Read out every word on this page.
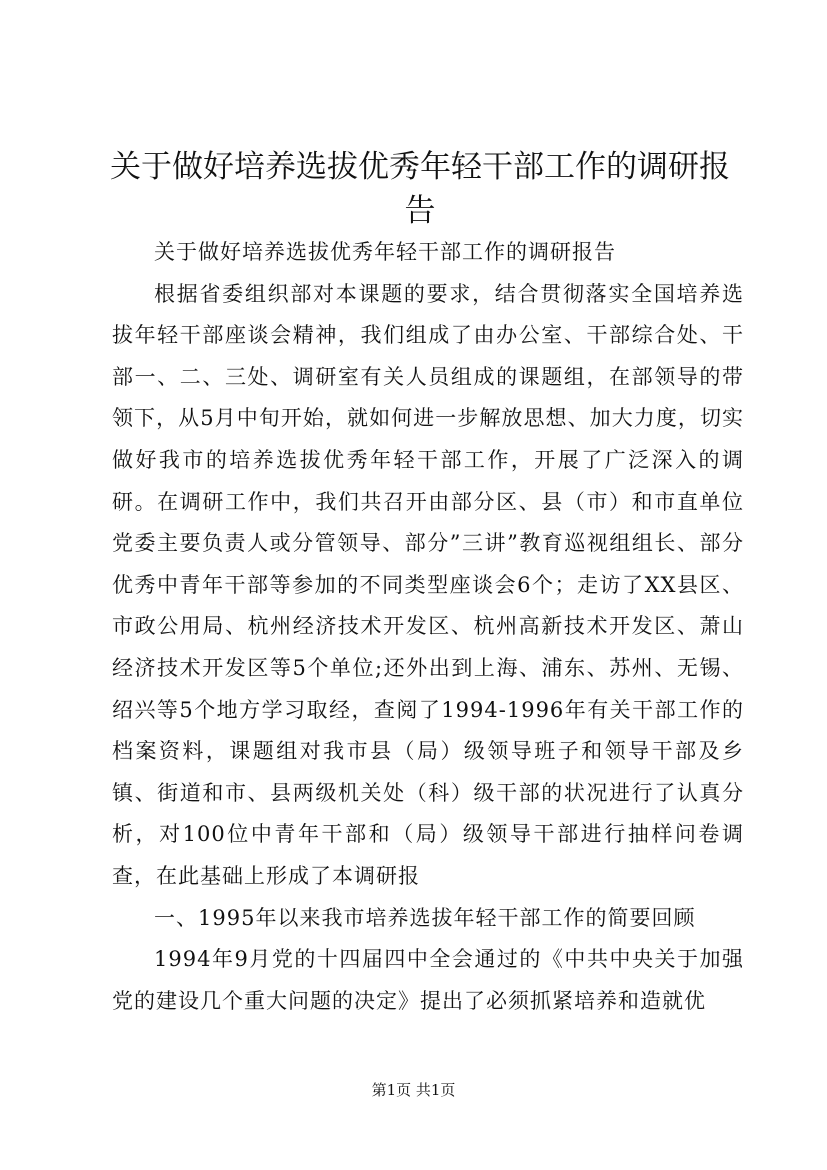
关于做好培养选拔优秀年轻干部工作的调研报告

关于做好培养选拔优秀年轻干部工作的调研报告

根据省委组织部对本课题的要求，结合贯彻落实全国培养选拔年轻干部座谈会精神，我们组成了由办公室、干部综合处、干部一、二、三处、调研室有关人员组成的课题组，在部领导的带领下，从5月中旬开始，就如何进一步解放思想、加大力度，切实做好我市的培养选拔优秀年轻干部工作，开展了广泛深入的调研。在调研工作中，我们共召开由部分区、县（市）和市直单位党委主要负责人或分管领导、部分”三讲”教育巡视组组长、部分优秀中青年干部等参加的不同类型座谈会6个；走访了XX县区、市政公用局、杭州经济技术开发区、杭州高新技术开发区、萧山经济技术开发区等5个单位;还外出到上海、浦东、苏州、无锡、绍兴等5个地方学习取经，查阅了1994-1996年有关干部工作的档案资料，课题组对我市县（局）级领导班子和领导干部及乡镇、街道和市、县两级机关处（科）级干部的状况进行了认真分析，对100位中青年干部和（局）级领导干部进行抽样问卷调查，在此基础上形成了本调研报

一、1995年以来我市培养选拔年轻干部工作的简要回顾

1994年9月党的十四届四中全会通过的《中共中央关于加强党的建设几个重大问题的决定》提出了必须抓紧培养和造就优

第1页 共1页
